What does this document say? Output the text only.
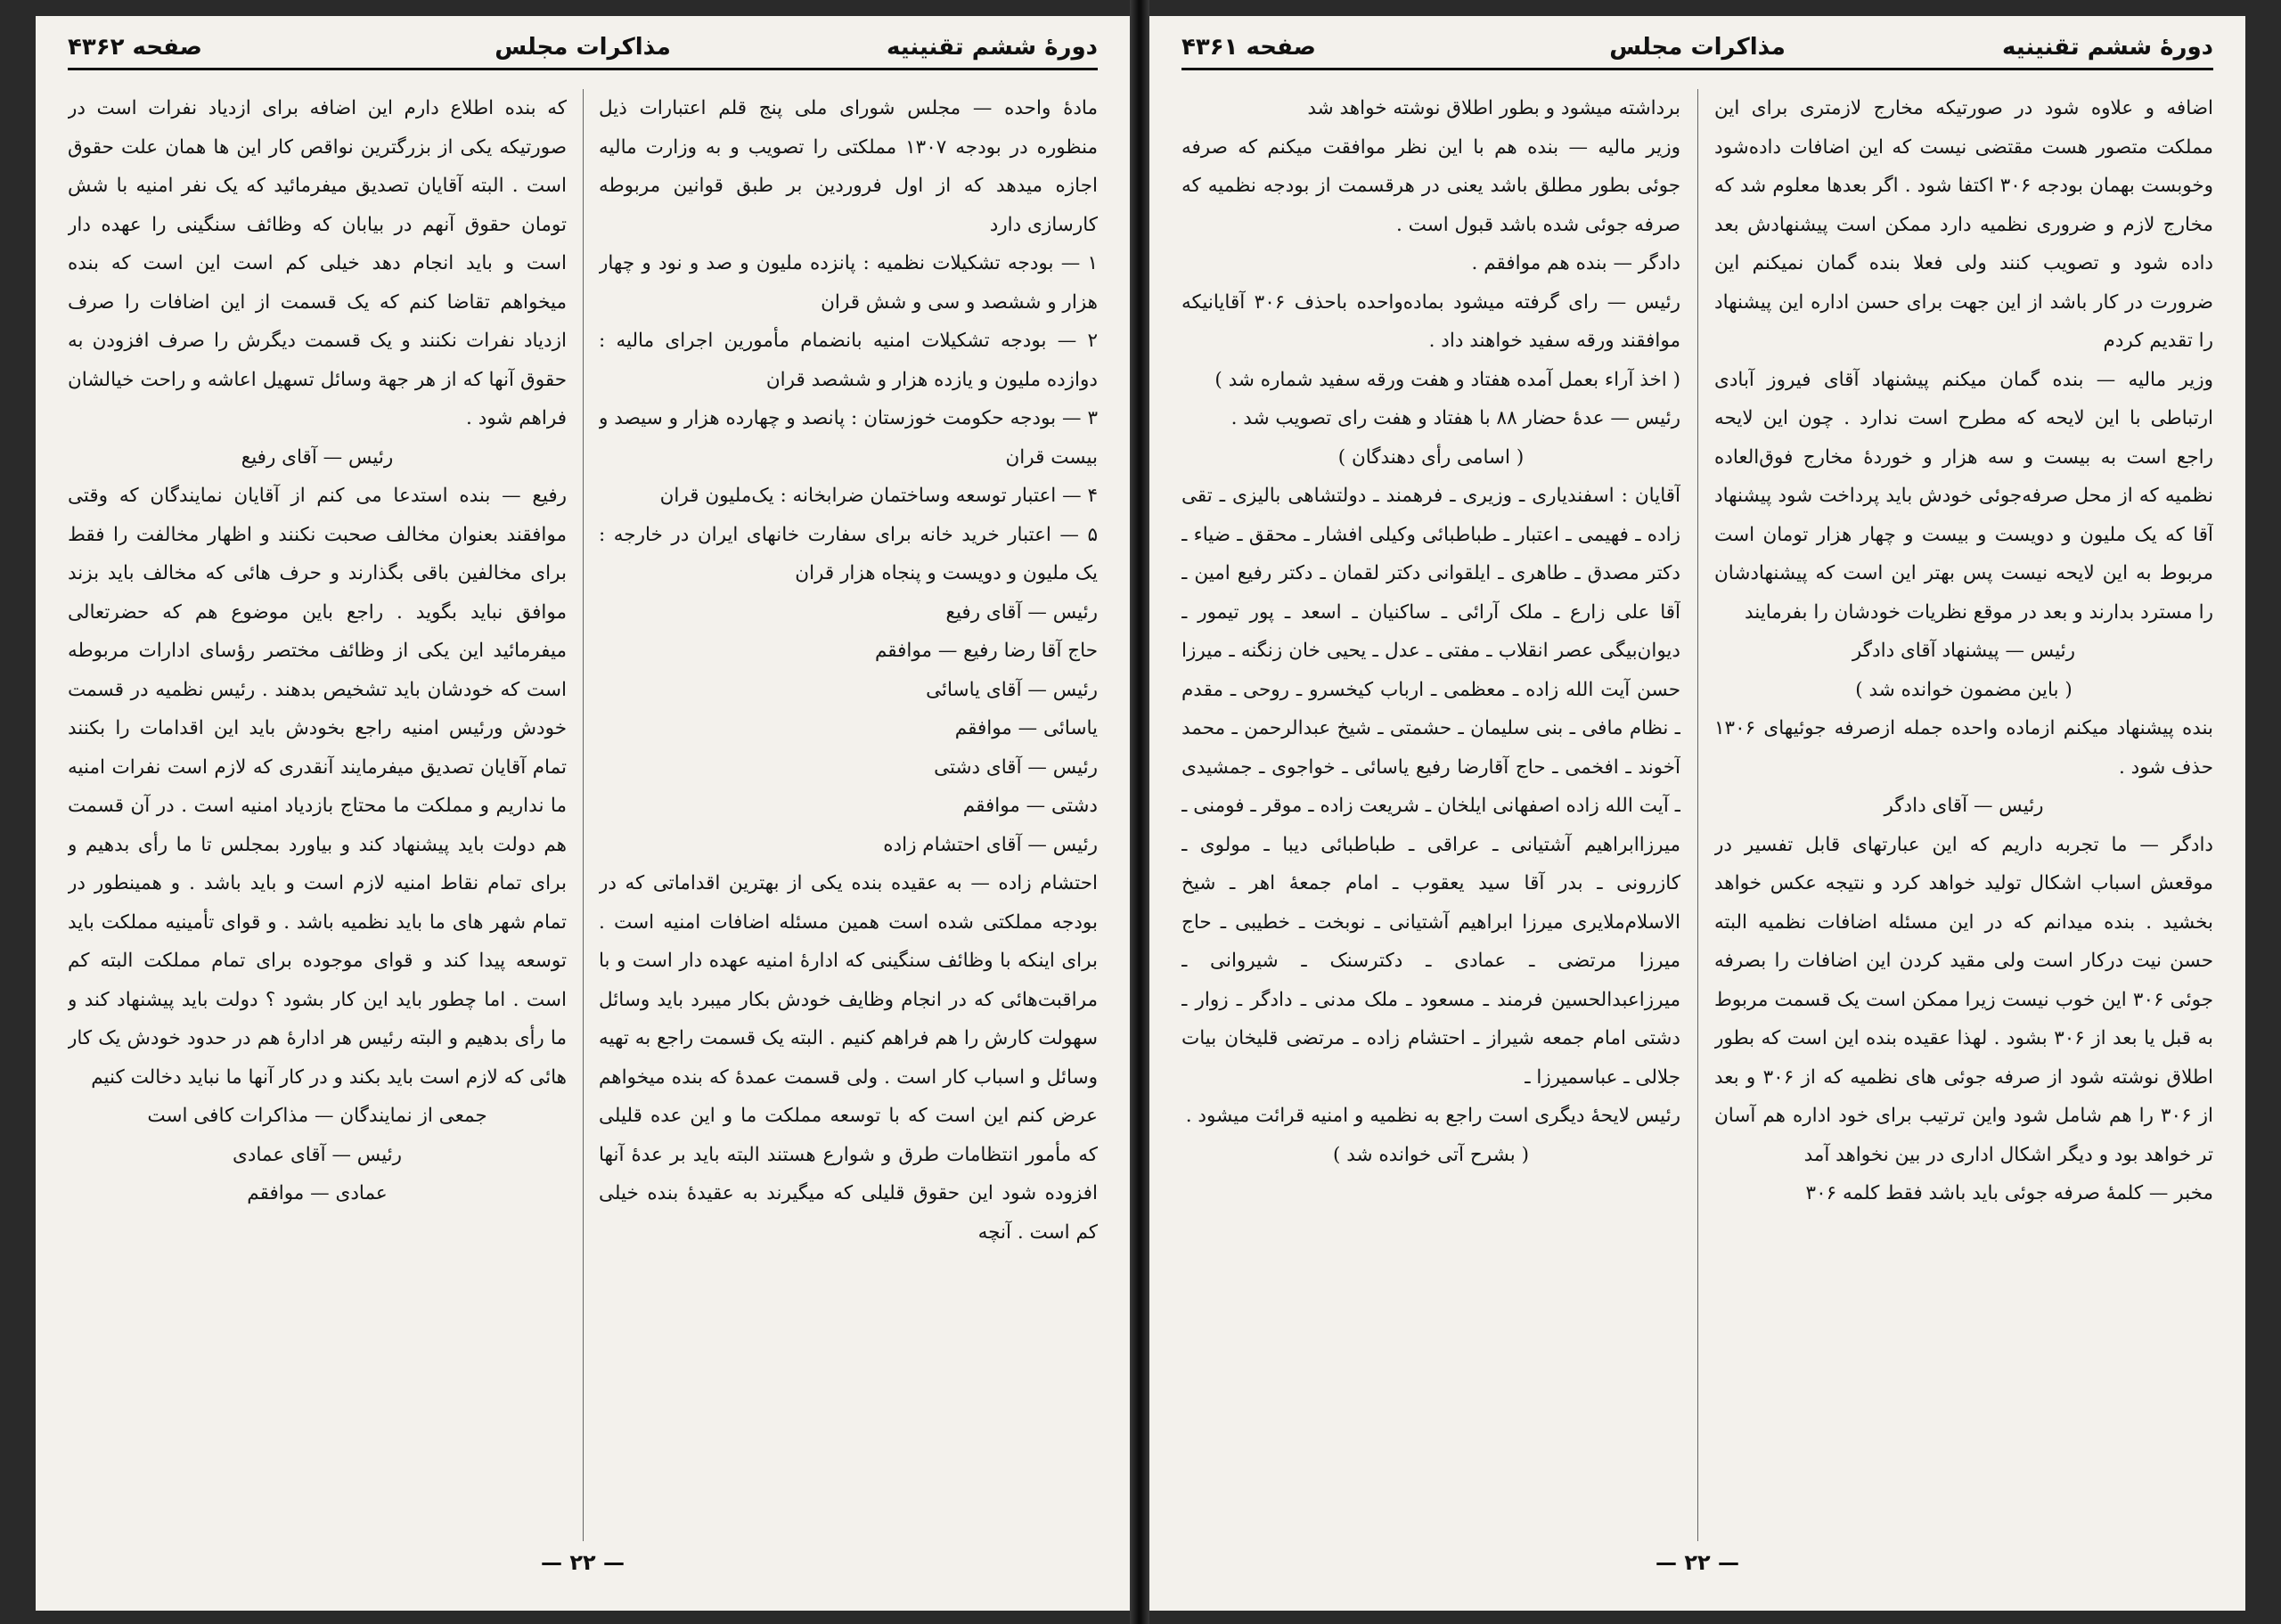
دورهٔ ششم تقنینیه
مذاکرات مجلس
صفحه ۴۳۶۲

مادهٔ واحده — مجلس شورای ملی پنج قلم اعتبارات ذیل منظوره در بودجه ۱۳۰۷ مملکتی را تصویب و به وزارت مالیه اجازه میدهد که از اول فروردین بر طبق قوانین مربوطه کارسازی دارد

۱ — بودجه تشکیلات نظمیه : پانزده ملیون و صد و نود و چهار هزار و ششصد و سی و شش قران

۲ — بودجه تشکیلات امنیه بانضمام مأمورین اجرای مالیه : دوازده ملیون و یازده هزار و ششصد قران

۳ — بودجه حکومت خوزستان : پانصد و چهارده هزار و سیصد و بیست قران

۴ — اعتبار توسعه وساختمان ضرابخانه : یک‌ملیون قران

۵ — اعتبار خرید خانه برای سفارت خانهای ایران در خارجه : یک ملیون و دویست و پنجاه هزار قران

رئیس — آقای رفیع

حاج آقا رضا رفیع — موافقم

رئیس — آقای یاسائی

یاسائی — موافقم

رئیس — آقای دشتی

دشتی — موافقم

رئیس — آقای احتشام زاده

احتشام زاده — به عقیده بنده یکی از بهترین اقداماتی که در بودجه مملکتی شده است همین مسئله اضافات امنیه است . برای اینکه با وظائف سنگینی که ادارهٔ امنیه عهده دار است و با مراقبت‌هائی که در انجام وظایف خودش بکار میبرد باید وسائل سهولت کارش را هم فراهم کنیم . البته یک قسمت راجع به تهیه وسائل و اسباب کار است . ولی قسمت عمدهٔ که بنده میخواهم عرض کنم این است که با توسعه مملکت ما و این عده قلیلی که مأمور انتظامات طرق و شوارع هستند البته باید بر عدهٔ آنها افزوده شود این حقوق قلیلی که میگیرند به عقیدهٔ بنده خیلی کم است . آنچه

که بنده اطلاع دارم این اضافه برای ازدیاد نفرات است در صورتیکه یکی از بزرگترین نواقص کار این ها همان علت حقوق است . البته آقایان تصدیق میفرمائید که یک نفر امنیه با شش تومان حقوق آنهم در بیابان که وظائف سنگینی را عهده دار است و باید انجام دهد خیلی کم است این است که بنده میخواهم تقاضا کنم که یک قسمت از این اضافات را صرف ازدیاد نفرات نکنند و یک قسمت دیگرش را صرف افزودن به حقوق آنها که از هر جهة وسائل تسهیل اعاشه و راحت خیالشان فراهم شود .

رئیس — آقای رفیع

رفیع — بنده استدعا می کنم از آقایان نمایندگان که وقتی موافقند بعنوان مخالف صحبت نکنند و اظهار مخالفت را فقط برای مخالفین باقی بگذارند و حرف هائی که مخالف باید بزند موافق نباید بگوید . راجع باین موضوع هم که حضرتعالی میفرمائید این یکی از وظائف مختصر رؤسای ادارات مربوطه است که خودشان باید تشخیص بدهند . رئیس نظمیه در قسمت خودش ورئیس امنیه راجع بخودش باید این اقدامات را بکنند تمام آقایان تصدیق میفرمایند آنقدری که لازم است نفرات امنیه ما نداریم و مملکت ما محتاج بازدیاد امنیه است . در آن قسمت هم دولت باید پیشنهاد کند و بیاورد بمجلس تا ما رأی بدهیم و برای تمام نقاط امنیه لازم است و باید باشد . و همینطور در تمام شهر های ما باید نظمیه باشد . و قوای تأمینیه مملکت باید توسعه پیدا کند و قوای موجوده برای تمام مملکت البته کم است . اما چطور باید این کار بشود ؟ دولت باید پیشنهاد کند و ما رأی بدهیم و البته رئیس هر اداره‌ٔ هم در حدود خودش یک کار هائی که لازم است باید بکند و در کار آنها ما نباید دخالت کنیم

جمعی از نمایندگان — مذاکرات کافی است

رئیس — آقای عمادی

عمادی — موافقم

— ۲۲ —
دورهٔ ششم تقنینیه
مذاکرات مجلس
صفحه ۴۳۶۱

اضافه و علاوه شود در صورتیکه مخارج لازمتری برای این مملکت متصور هست مقتضی نیست که این اضافات داده‌شود وخوبست بهمان بودجه ۳۰۶ اکتفا شود . اگر بعدها معلوم شد که مخارج لازم و ضروری نظمیه دارد ممکن است پیشنهادش بعد داده شود و تصویب کنند ولی فعلا بنده گمان نمیکنم این ضرورت در کار باشد از این جهت برای حسن اداره این پیشنهاد را تقدیم کردم

وزیر مالیه — بنده گمان میکنم پیشنهاد آقای فیروز آبادی ارتباطی با این لایحه که مطرح است ندارد . چون این لایحه راجع است به بیست و سه هزار و خوردهٔ مخارج فوق‌العاده نظمیه که از محل صرفه‌جوئی خودش باید پرداخت شود پیشنهاد آقا که یک ملیون و دویست و بیست و چهار هزار تومان است مربوط به این لایحه نیست پس بهتر این است که پیشنهادشان را مسترد بدارند و بعد در موقع نظریات خودشان را بفرمایند

رئیس — پیشنهاد آقای دادگر

( باین مضمون خوانده شد )

بنده پیشنهاد میکنم ازماده واحده جمله ازصرفه جوئیهای ۱۳۰۶ حذف شود .

رئیس — آقای دادگر

دادگر — ما تجربه داریم که این عبارتهای قابل تفسیر در موقعش اسباب اشکال تولید خواهد کرد و نتیجه عکس خواهد بخشید . بنده میدانم که در این مسئله اضافات نظمیه البته حسن نیت درکار است ولی مقید کردن این اضافات را بصرفه جوئی ۳۰۶ این خوب نیست زیرا ممکن است یک قسمت مربوط به قبل یا بعد از ۳۰۶ بشود . لهذا عقیده بنده این است که بطور اطلاق نوشته شود از صرفه جوئی های نظمیه که از ۳۰۶ و بعد از ۳۰۶ را هم شامل شود واین ترتیب برای خود اداره هم آسان تر خواهد بود و دیگر اشکال اداری در بین نخواهد آمد

مخبر — کلمهٔ صرفه جوئی باید باشد فقط کلمه ۳۰۶

برداشته میشود و بطور اطلاق نوشته خواهد شد

وزیر مالیه — بنده هم با این نظر موافقت میکنم که صرفه جوئی بطور مطلق باشد یعنی در هرقسمت از بودجه نظمیه که صرفه جوئی شده باشد قبول است .

دادگر — بنده هم موافقم .

رئیس — رای گرفته میشود بماده‌واحده باحذف ۳۰۶ آقایانیکه موافقند ورقه سفید خواهند داد .

( اخذ آراء بعمل آمده هفتاد و هفت ورقه سفید شماره شد )

رئیس — عدهٔ حضار ۸۸ با هفتاد و هفت رای تصویب شد .

( اسامی رأی دهندگان )

آقایان : اسفندیاری ـ وزیری ـ فرهمند ـ دولتشاهی بالیزی ـ تقی زاده ـ فهیمی ـ اعتبار ـ طباطبائی وکیلی افشار ـ محقق ـ ضیاء ـ دکتر مصدق ـ طاهری ـ ایلقوانی دکتر لقمان ـ دکتر رفیع امین ـ آقا علی زارع ـ ملک آرائی ـ ساکنیان ـ اسعد ـ پور تیمور ـ دیوان‌بیگی عصر انقلاب ـ مفتی ـ عدل ـ یحیی خان زنگنه ـ میرزا حسن آیت الله زاده ـ معظمی ـ ارباب کیخسرو ـ روحی ـ مقدم ـ نظام مافی ـ بنی سلیمان ـ حشمتی ـ شیخ عبدالرحمن ـ محمد آخوند ـ افخمی ـ حاج آقارضا رفیع یاسائی ـ خواجوی ـ جمشیدی ـ آیت الله زاده اصفهانی ایلخان ـ شریعت زاده ـ موقر ـ فومنی ـ میرزاابراهیم آشتیانی ـ عراقی ـ طباطبائی دیبا ـ مولوی ـ کازرونی ـ بدر آقا سید یعقوب ـ امام جمعهٔ اهر ـ شیخ الاسلام‌ملایری میرزا ابراهیم آشتیانی ـ نوبخت ـ خطیبی ـ حاج میرزا مرتضی ـ عمادی ـ دکترسنک ـ شیروانی ـ میرزاعبدالحسین فرمند ـ مسعود ـ ملک مدنی ـ دادگر ـ زوار ـ دشتی امام جمعه شیراز ـ احتشام زاده ـ مرتضی قلیخان بیات جلالی ـ عباسمیرزا ـ

رئیس لایحهٔ دیگری است راجع به نظمیه و امنیه قرائت میشود .

( بشرح آتی خوانده شد )

— ۲۲ —
